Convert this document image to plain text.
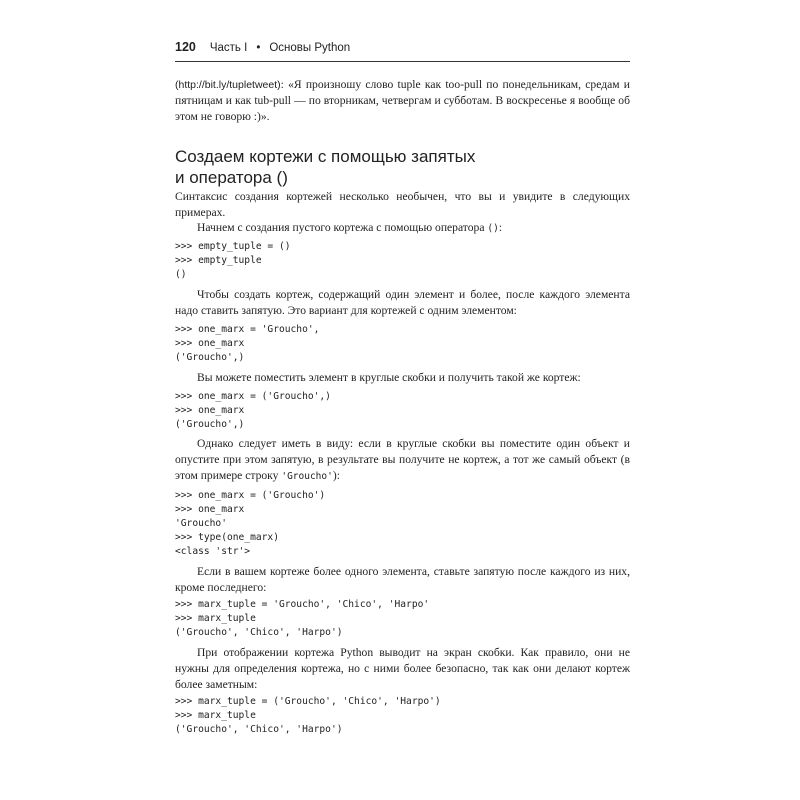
120 Часть I • Основы Python

(http://bit.ly/tupletweet): «Я произношу слово tuple как too-pull по понедельникам, средам и пятницам и как tub-pull — по вторникам, четвергам и субботам. В воскресенье я вообще об этом не говорю :)».

Создаем кортежи с помощью запятых

и оператора ()

Синтаксис создания кортежей несколько необычен, что вы и увидите в следующих примерах.

Начнем с создания пустого кортежа с помощью оператора ():

>>> empty_tuple = ()
>>> empty_tuple
()

Чтобы создать кортеж, содержащий один элемент и более, после каждого элемента надо ставить запятую. Это вариант для кортежей с одним элементом:

>>> one_marx = 'Groucho',
>>> one_marx
('Groucho',)

Вы можете поместить элемент в круглые скобки и получить такой же кортеж:

>>> one_marx = ('Groucho',)
>>> one_marx
('Groucho',)

Однако следует иметь в виду: если в круглые скобки вы поместите один объект и опустите при этом запятую, в результате вы получите не кортеж, а тот же самый объект (в этом примере строку 'Groucho'):

>>> one_marx = ('Groucho')
>>> one_marx
'Groucho'
>>> type(one_marx)
<class 'str'>

Если в вашем кортеже более одного элемента, ставьте запятую после каждого из них, кроме последнего:

>>> marx_tuple = 'Groucho', 'Chico', 'Harpo'
>>> marx_tuple
('Groucho', 'Chico', 'Harpo')

При отображении кортежа Python выводит на экран скобки. Как правило, они не нужны для определения кортежа, но с ними более безопасно, так как они делают кортеж более заметным:

>>> marx_tuple = ('Groucho', 'Chico', 'Harpo')
>>> marx_tuple
('Groucho', 'Chico', 'Harpo')
